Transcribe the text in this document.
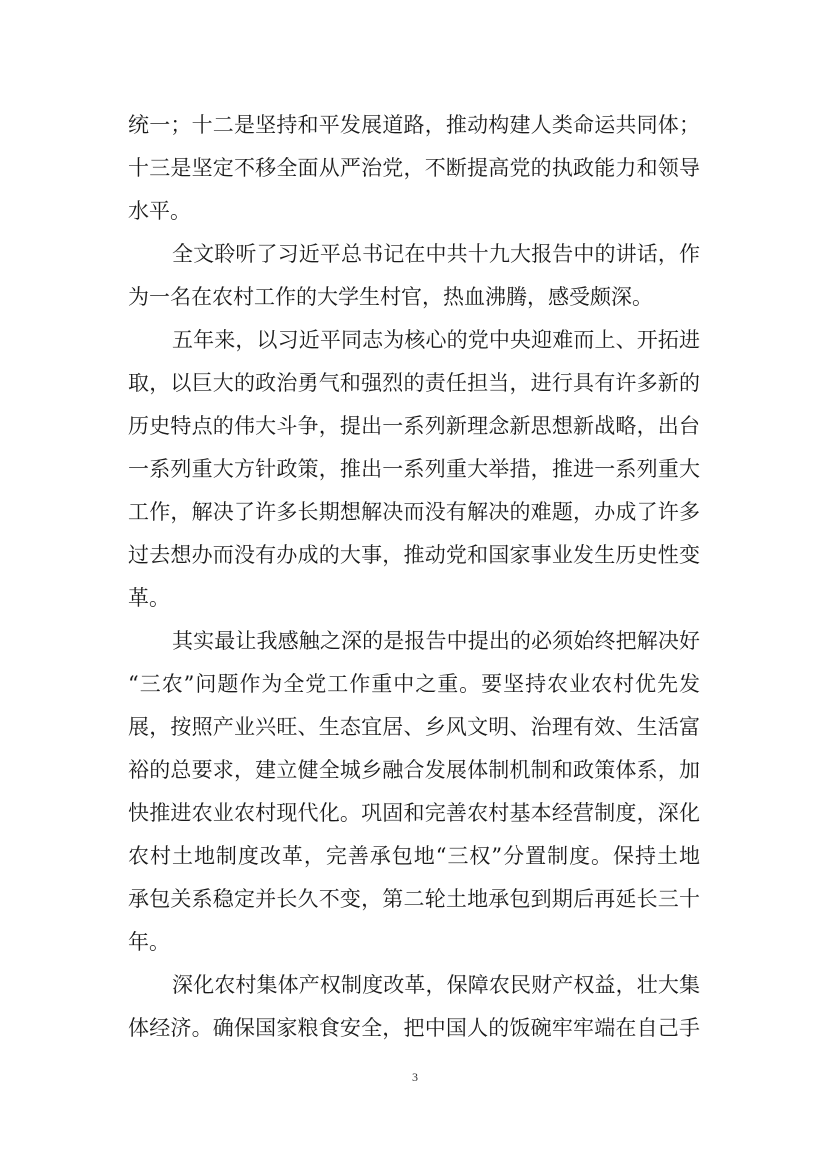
统一；十二是坚持和平发展道路，推动构建人类命运共同体；
十三是坚定不移全面从严治党，不断提高党的执政能力和领导
水平。
全文聆听了习近平总书记在中共十九大报告中的讲话，作
为一名在农村工作的大学生村官，热血沸腾，感受颇深。
五年来，以习近平同志为核心的党中央迎难而上、开拓进
取，以巨大的政治勇气和强烈的责任担当，进行具有许多新的
历史特点的伟大斗争，提出一系列新理念新思想新战略，出台
一系列重大方针政策，推出一系列重大举措，推进一系列重大
工作，解决了许多长期想解决而没有解决的难题，办成了许多
过去想办而没有办成的大事，推动党和国家事业发生历史性变
革。
其实最让我感触之深的是报告中提出的必须始终把解决好
“三农”问题作为全党工作重中之重。要坚持农业农村优先发
展，按照产业兴旺、生态宜居、乡风文明、治理有效、生活富
裕的总要求，建立健全城乡融合发展体制机制和政策体系，加
快推进农业农村现代化。巩固和完善农村基本经营制度，深化
农村土地制度改革，完善承包地“三权”分置制度。保持土地
承包关系稳定并长久不变，第二轮土地承包到期后再延长三十
年。
深化农村集体产权制度改革，保障农民财产权益，壮大集
体经济。确保国家粮食安全，把中国人的饭碗牢牢端在自己手
3
